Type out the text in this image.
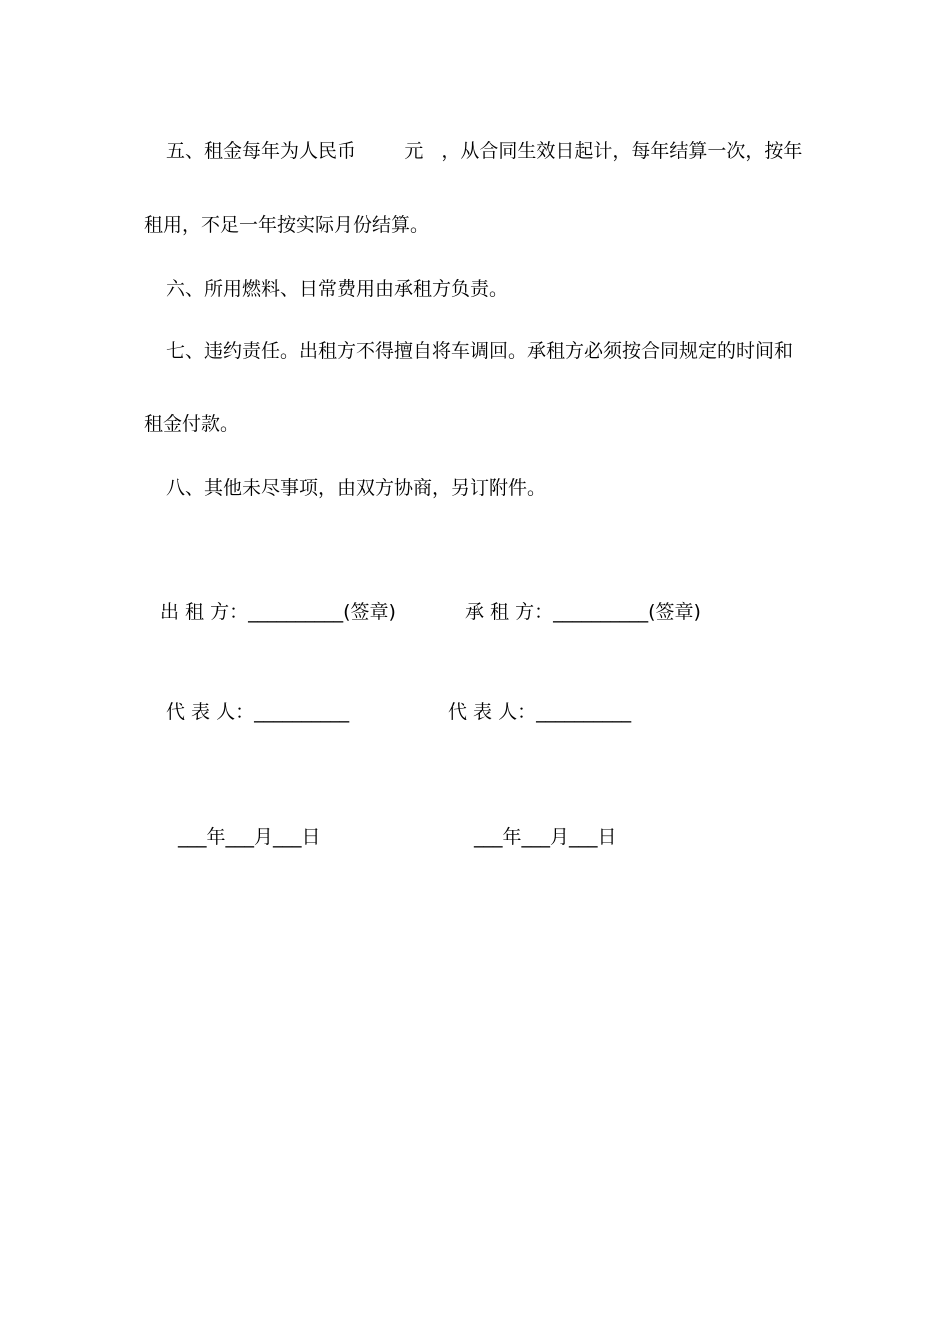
五、租金每年为人民币        元   ，从合同生效日起计，每年结算一次，按年
租用，不足一年按实际月份结算。
六、所用燃料、日常费用由承租方负责。
七、违约责任。出租方不得擅自将车调回。承租方必须按合同规定的时间和
租金付款。
八、其他未尽事项，由双方协商，另订附件。
出 租 方：__________(签章)	承 租 方：__________(签章)
代 表 人：__________	代 表 人：__________
___年___月___日	___年___月___日
